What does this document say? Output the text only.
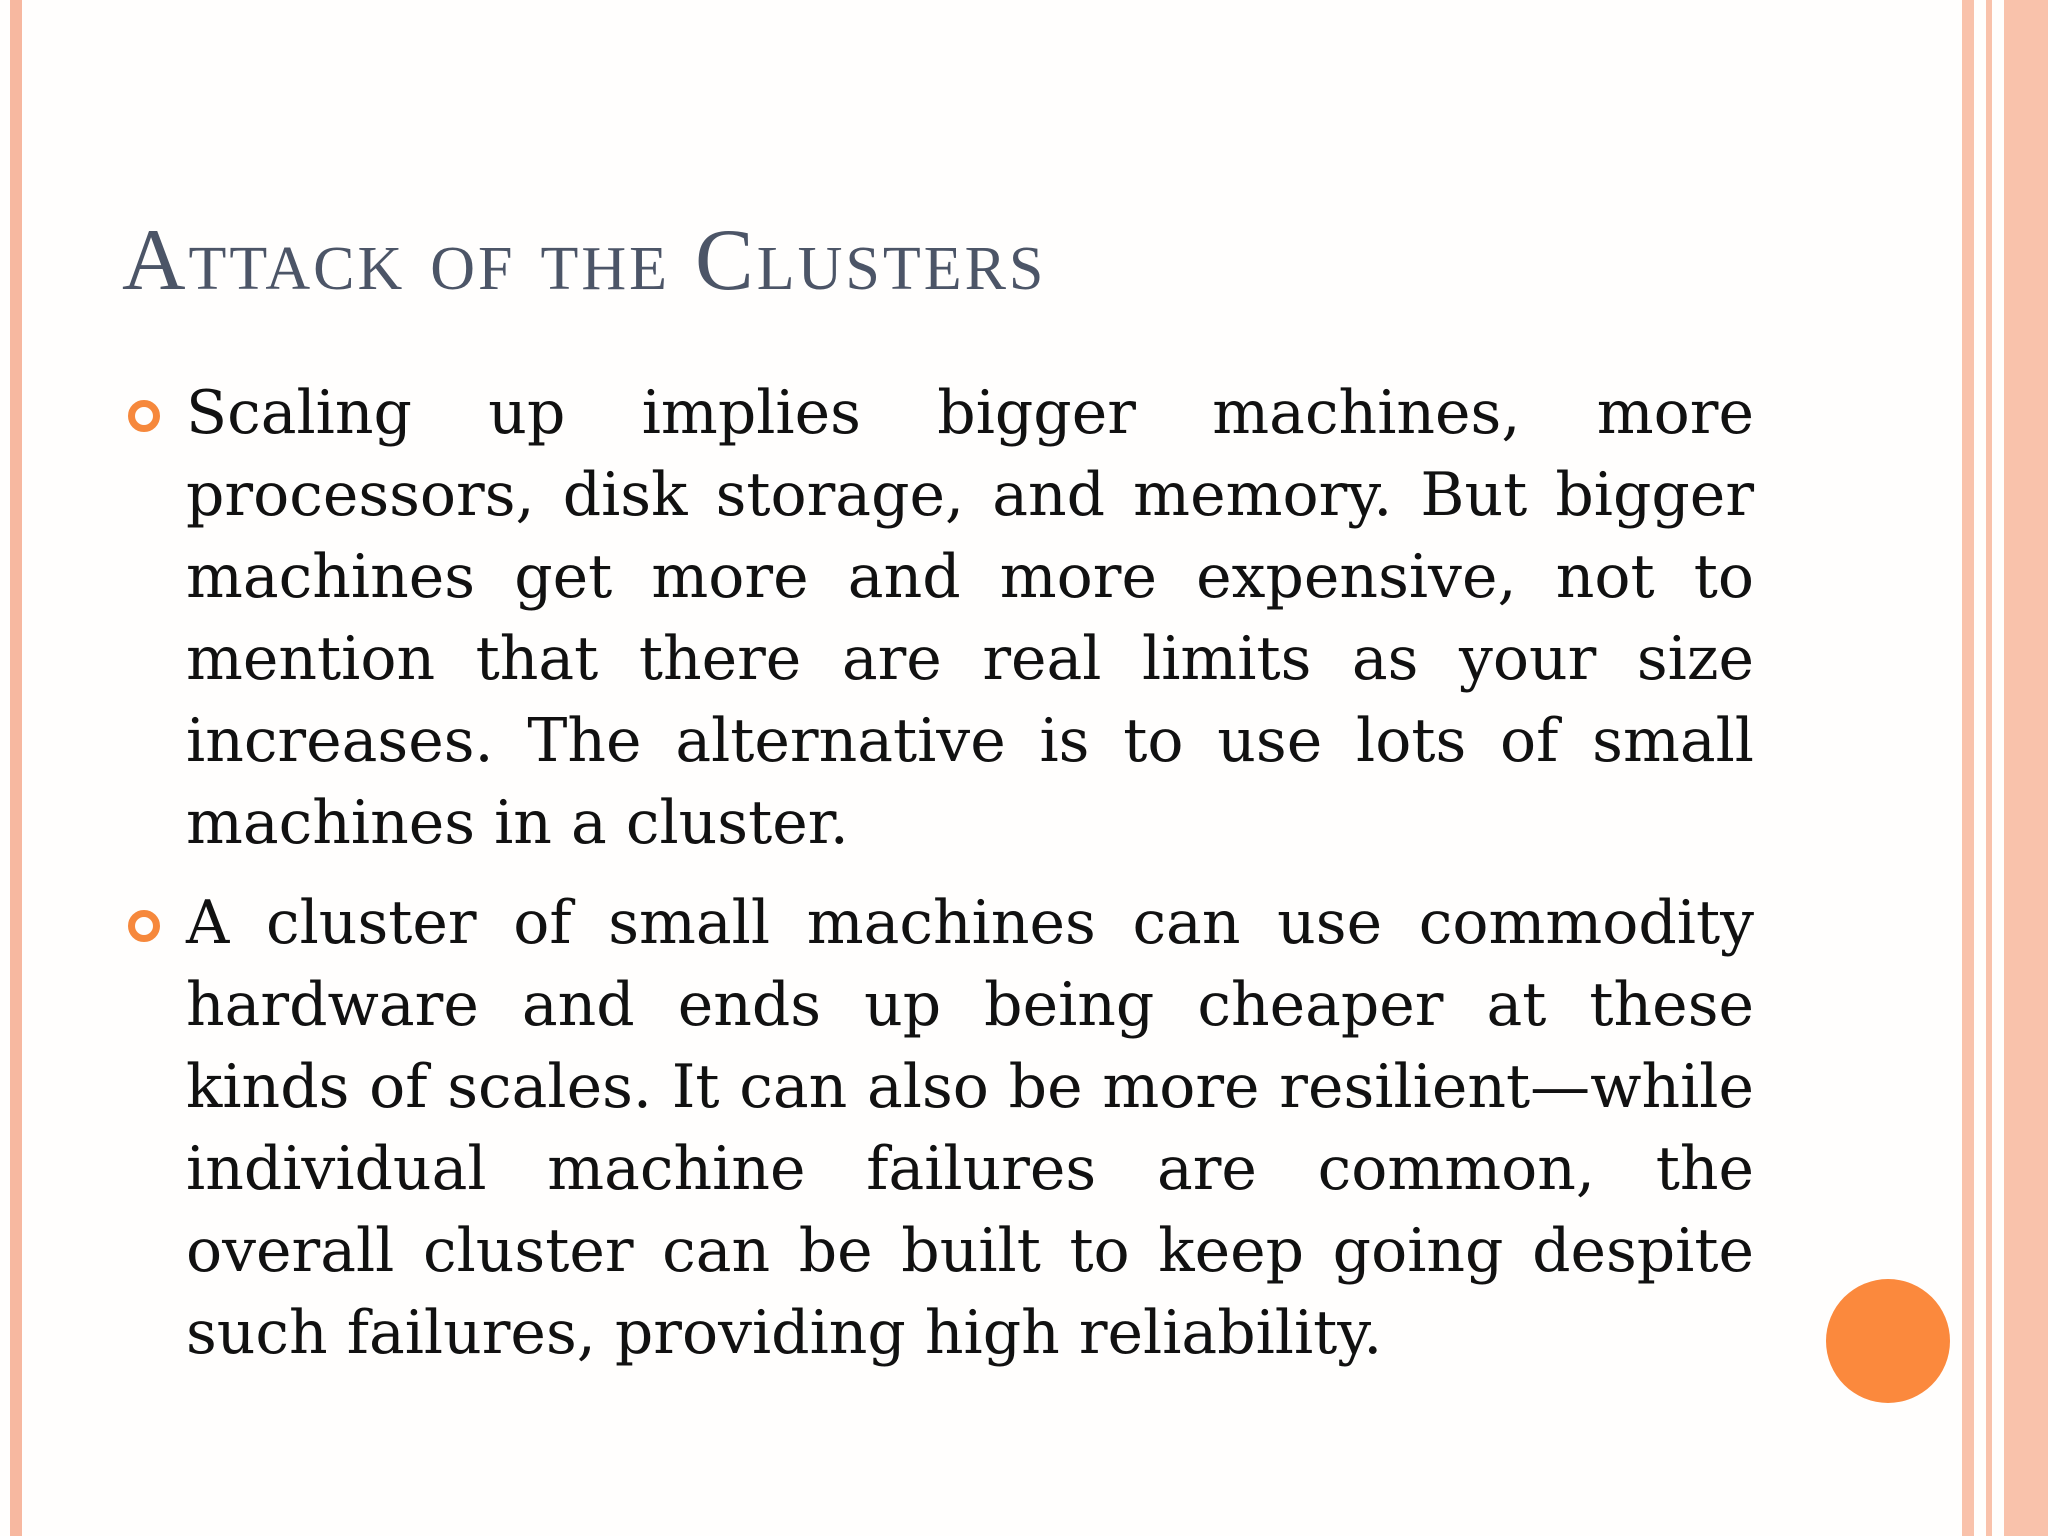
Attack of the Clusters

Scaling up implies bigger machines, more processors, disk storage, and memory. But bigger machines get more and more expensive, not to mention that there are real limits as your size increases. The alternative is to use lots of small machines in a cluster.

A cluster of small machines can use commodity hardware and ends up being cheaper at these kinds of scales. It can also be more resilient—while individual machine failures are common, the overall cluster can be built to keep going despite such failures, providing high reliability.
